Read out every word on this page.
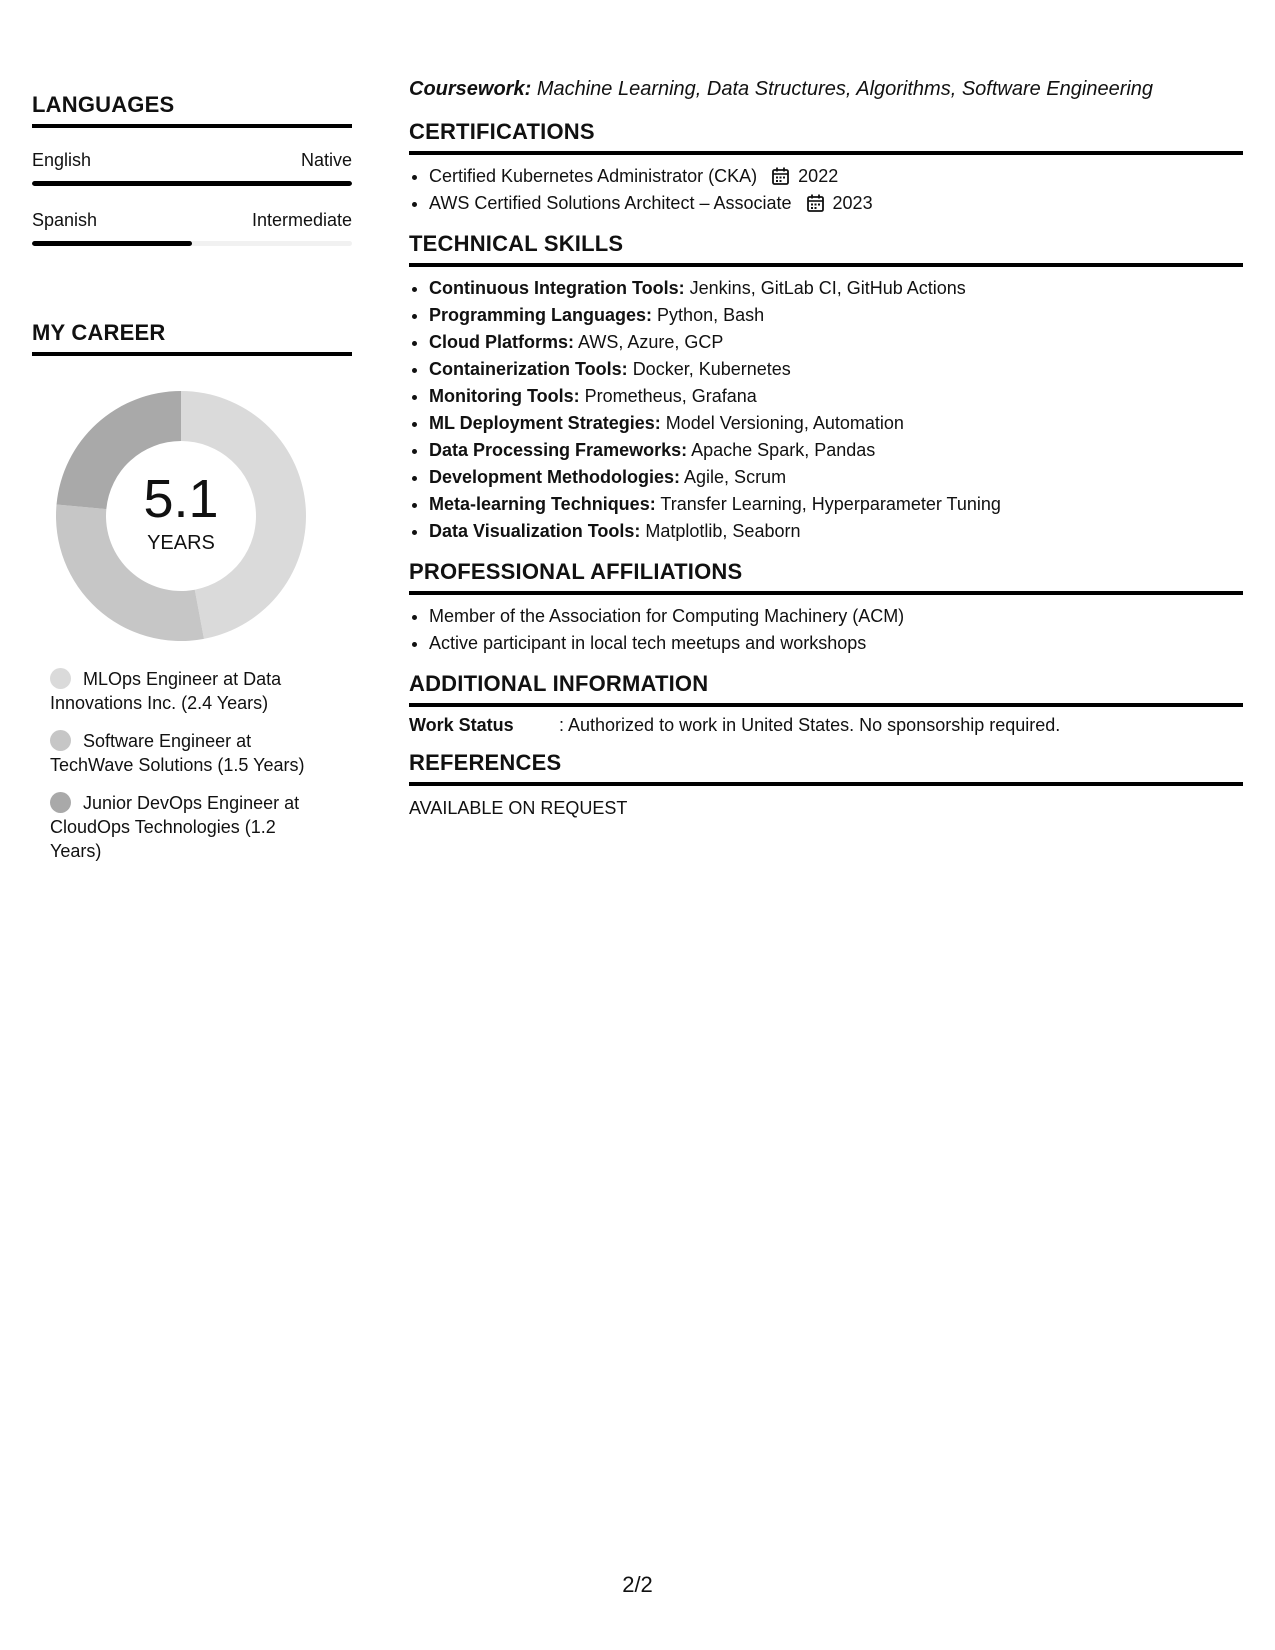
LANGUAGES
English	Native
Spanish	Intermediate
MY CAREER
5.1
YEARS
MLOps Engineer at Data Innovations Inc. (2.4 Years)
Software Engineer at TechWave Solutions (1.5 Years)
Junior DevOps Engineer at CloudOps Technologies (1.2 Years)

Coursework: Machine Learning, Data Structures, Algorithms, Software Engineering

CERTIFICATIONS
• Certified Kubernetes Administrator (CKA) 2022
• AWS Certified Solutions Architect – Associate 2023
TECHNICAL SKILLS
• Continuous Integration Tools: Jenkins, GitLab CI, GitHub Actions
• Programming Languages: Python, Bash
• Cloud Platforms: AWS, Azure, GCP
• Containerization Tools: Docker, Kubernetes
• Monitoring Tools: Prometheus, Grafana
• ML Deployment Strategies: Model Versioning, Automation
• Data Processing Frameworks: Apache Spark, Pandas
• Development Methodologies: Agile, Scrum
• Meta-learning Techniques: Transfer Learning, Hyperparameter Tuning
• Data Visualization Tools: Matplotlib, Seaborn
PROFESSIONAL AFFILIATIONS
• Member of the Association for Computing Machinery (ACM)
• Active participant in local tech meetups and workshops
ADDITIONAL INFORMATION
Work Status	: Authorized to work in United States. No sponsorship required.
REFERENCES
AVAILABLE ON REQUEST
2/2
